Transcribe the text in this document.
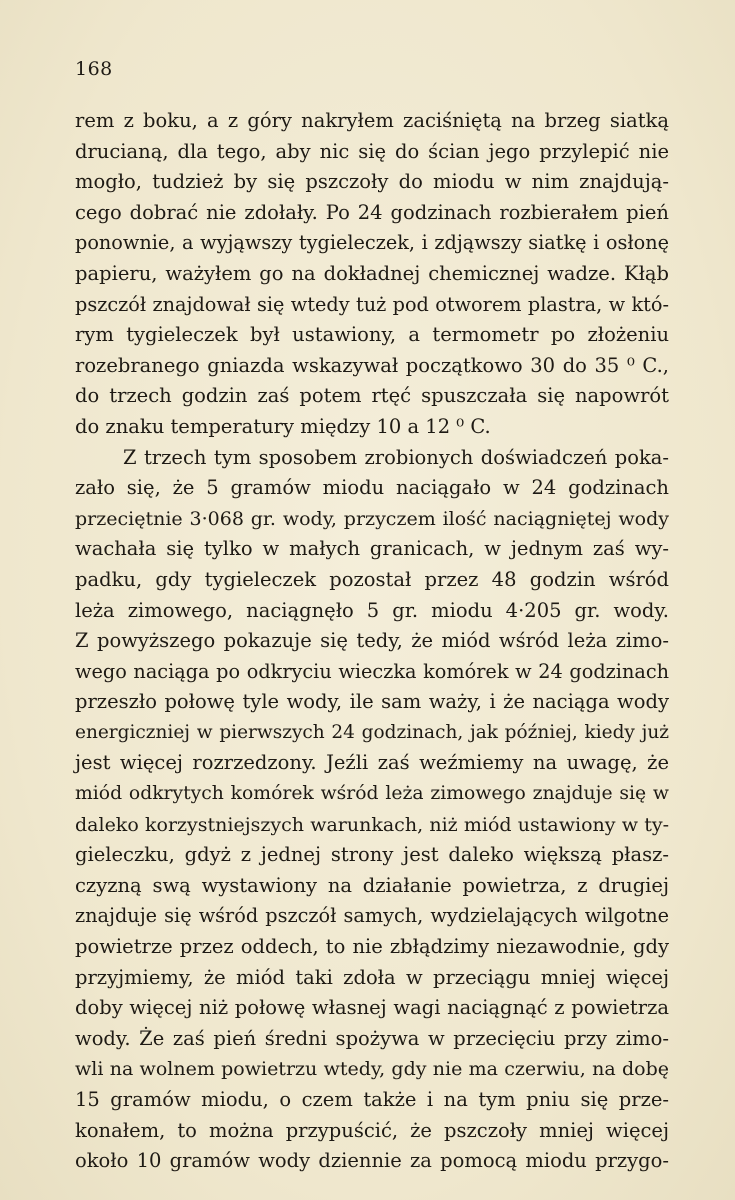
168
rem z boku, a z góry nakryłem zaciśniętą na brzeg siatką
drucianą, dla tego, aby nic się do ścian jego przylepić nie
mogło, tudzież by się pszczoły do miodu w nim znajdują-
cego dobrać nie zdołały. Po 24 godzinach rozbierałem pień
ponownie, a wyjąwszy tygieleczek, i zdjąwszy siatkę i osłonę
papieru, ważyłem go na dokładnej chemicznej wadze. Kłąb
pszczół znajdował się wtedy tuż pod otworem plastra, w któ-
rym tygieleczek był ustawiony, a termometr po złożeniu
rozebranego gniazda wskazywał początkowo 30 do 35 ⁰ C.,
do trzech godzin zaś potem rtęć spuszczała się napowrót
do znaku temperatury między 10 a 12 ⁰ C.
Z trzech tym sposobem zrobionych doświadczeń poka-
zało się, że 5 gramów miodu naciągało w 24 godzinach
przeciętnie 3·068 gr. wody, przyczem ilość naciągniętej wody
wachała się tylko w małych granicach, w jednym zaś wy-
padku, gdy tygieleczek pozostał przez 48 godzin wśród
leża zimowego, naciągnęło 5 gr. miodu 4·205 gr. wody.
Z powyższego pokazuje się tedy, że miód wśród leża zimo-
wego naciąga po odkryciu wieczka komórek w 24 godzinach
przeszło połowę tyle wody, ile sam waży, i że naciąga wody
energiczniej w pierwszych 24 godzinach, jak później, kiedy już
jest więcej rozrzedzony. Jeźli zaś weźmiemy na uwagę, że
miód odkrytych komórek wśród leża zimowego znajduje się w
daleko korzystniejszych warunkach, niż miód ustawiony w ty-
gieleczku, gdyż z jednej strony jest daleko większą płasz-
czyzną swą wystawiony na działanie powietrza, z drugiej
znajduje się wśród pszczół samych, wydzielających wilgotne
powietrze przez oddech, to nie zbłądzimy niezawodnie, gdy
przyjmiemy, że miód taki zdoła w przeciągu mniej więcej
doby więcej niż połowę własnej wagi naciągnąć z powietrza
wody. Że zaś pień średni spożywa w przecięciu przy zimo-
wli na wolnem powietrzu wtedy, gdy nie ma czerwiu, na dobę
15 gramów miodu, o czem także i na tym pniu się prze-
konałem, to można przypuścić, że pszczoły mniej więcej
około 10 gramów wody dziennie za pomocą miodu przygo-
